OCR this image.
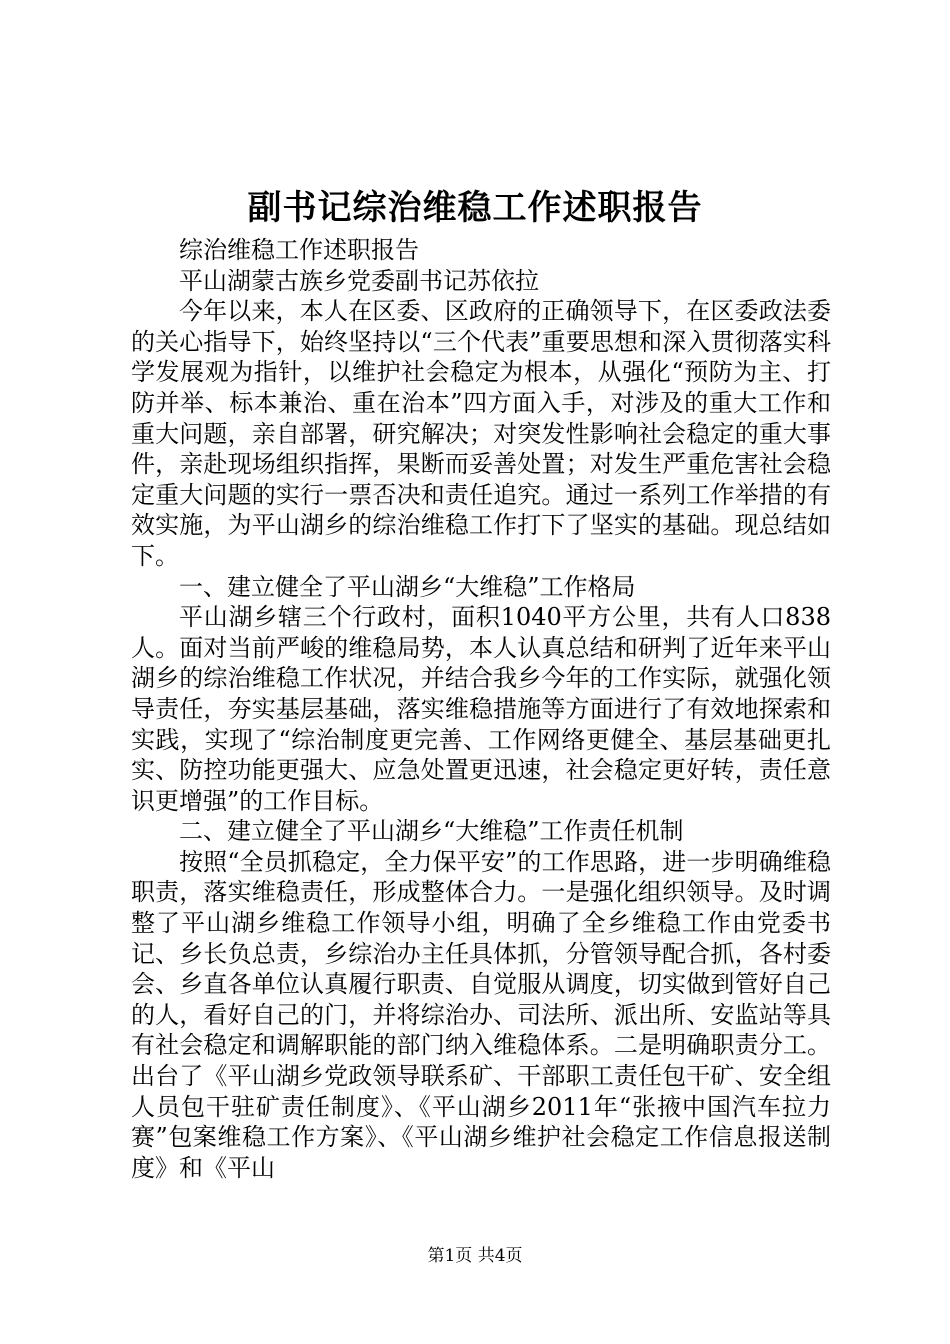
副书记综治维稳工作述职报告

综治维稳工作述职报告

平山湖蒙古族乡党委副书记苏依拉

今年以来，本人在区委、区政府的正确领导下，在区委政法委的关心指导下，始终坚持以“三个代表”重要思想和深入贯彻落实科学发展观为指针，以维护社会稳定为根本，从强化“预防为主、打防并举、标本兼治、重在治本”四方面入手，对涉及的重大工作和重大问题，亲自部署，研究解决；对突发性影响社会稳定的重大事件，亲赴现场组织指挥，果断而妥善处置；对发生严重危害社会稳定重大问题的实行一票否决和责任追究。通过一系列工作举措的有效实施，为平山湖乡的综治维稳工作打下了坚实的基础。现总结如下。

一、建立健全了平山湖乡“大维稳”工作格局

平山湖乡辖三个行政村，面积1040平方公里，共有人口838人。面对当前严峻的维稳局势，本人认真总结和研判了近年来平山湖乡的综治维稳工作状况，并结合我乡今年的工作实际，就强化领导责任，夯实基层基础，落实维稳措施等方面进行了有效地探索和实践，实现了“综治制度更完善、工作网络更健全、基层基础更扎实、防控功能更强大、应急处置更迅速，社会稳定更好转，责任意识更增强”的工作目标。

二、建立健全了平山湖乡“大维稳”工作责任机制

按照“全员抓稳定，全力保平安”的工作思路，进一步明确维稳职责，落实维稳责任，形成整体合力。一是强化组织领导。及时调整了平山湖乡维稳工作领导小组，明确了全乡维稳工作由党委书记、乡长负总责，乡综治办主任具体抓，分管领导配合抓，各村委会、乡直各单位认真履行职责、自觉服从调度，切实做到管好自己的人，看好自己的门，并将综治办、司法所、派出所、安监站等具有社会稳定和调解职能的部门纳入维稳体系。二是明确职责分工。出台了《平山湖乡党政领导联系矿、干部职工责任包干矿、安全组人员包干驻矿责任制度》、《平山湖乡2011年“张掖中国汽车拉力赛”包案维稳工作方案》、《平山湖乡维护社会稳定工作信息报送制度》和《平山

第1页 共4页
